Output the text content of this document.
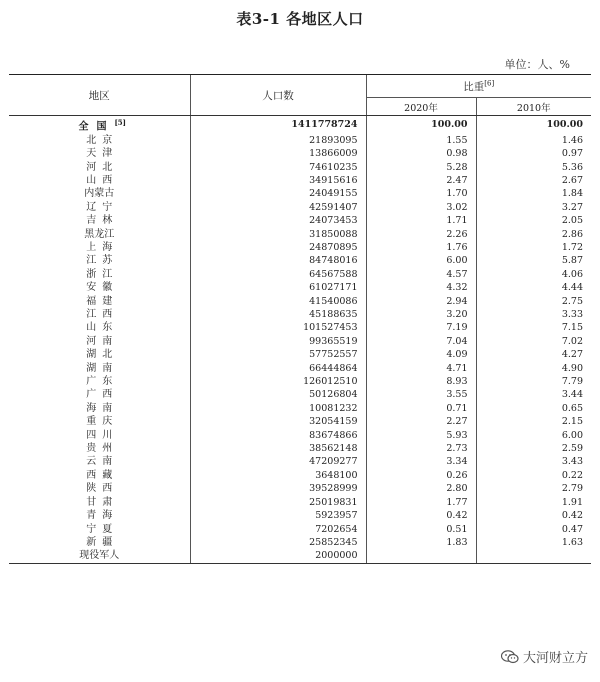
表3-1 各地区人口
单位：人、%
地区	人口数	比重[6]
		2020年	2010年
全国[5]	1411778724	100.00	100.00
北京	21893095	1.55	1.46
天津	13866009	0.98	0.97
河北	74610235	5.28	5.36
山西	34915616	2.47	2.67
内蒙古	24049155	1.70	1.84
辽宁	42591407	3.02	3.27
吉林	24073453	1.71	2.05
黑龙江	31850088	2.26	2.86
上海	24870895	1.76	1.72
江苏	84748016	6.00	5.87
浙江	64567588	4.57	4.06
安徽	61027171	4.32	4.44
福建	41540086	2.94	2.75
江西	45188635	3.20	3.33
山东	101527453	7.19	7.15
河南	99365519	7.04	7.02
湖北	57752557	4.09	4.27
湖南	66444864	4.71	4.90
广东	126012510	8.93	7.79
广西	50126804	3.55	3.44
海南	10081232	0.71	0.65
重庆	32054159	2.27	2.15
四川	83674866	5.93	6.00
贵州	38562148	2.73	2.59
云南	47209277	3.34	3.43
西藏	3648100	0.26	0.22
陕西	39528999	2.80	2.79
甘肃	25019831	1.77	1.91
青海	5923957	0.42	0.42
宁夏	7202654	0.51	0.47
新疆	25852345	1.83	1.63
现役军人	2000000		
大河财立方
